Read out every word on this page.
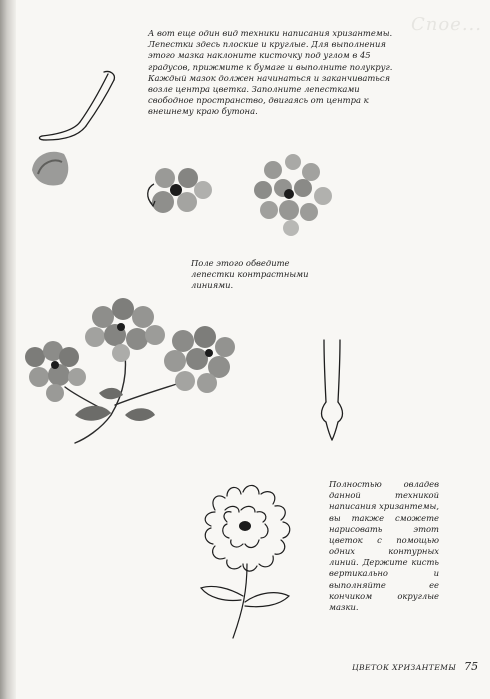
Спое...

А вот еще один вид техники написания хризантемы. Лепестки здесь плоские и круглые. Для выполнения этого мазка наклоните кисточку под углом в 45 градусов, прижмите к бумаге и выполните полукруг. Каждый мазок должен начинаться и заканчиваться возле центра цветка. Заполните лепестками свободное пространство, двигаясь от центра к внешнему краю бутона.

Поле этого обведите лепестки контрастными линиями.

Полностью овладев данной техникой написания хризантемы, вы также сможете нарисовать этот цветок с помощью одних контурных линий. Держите кисть вертикально и выполняйте ее кончиком округлые мазки.

ЦВЕТОК ХРИЗАНТЕМЫ 75
